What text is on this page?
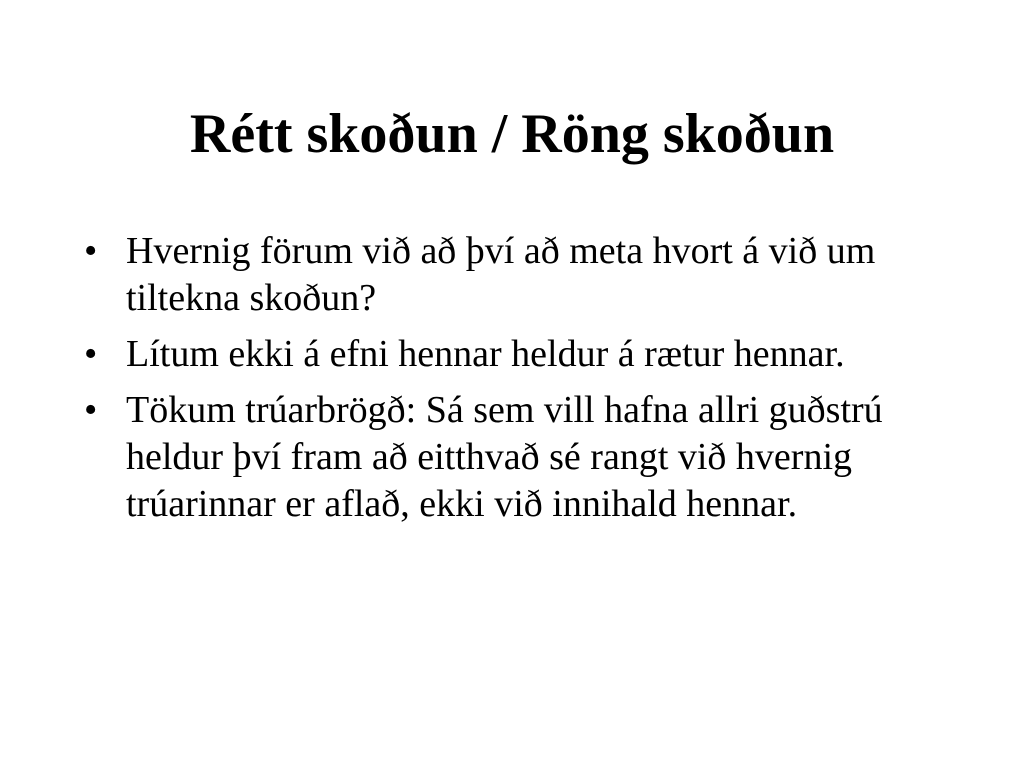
Rétt skoðun / Röng skoðun
• Hvernig förum við að því að meta hvort á við um tiltekna skoðun?
• Lítum ekki á efni hennar heldur á rætur hennar.
• Tökum trúarbrögð: Sá sem vill hafna allri guðstrú heldur því fram að eitthvað sé rangt við hvernig trúarinnar er aflað, ekki við innihald hennar.
